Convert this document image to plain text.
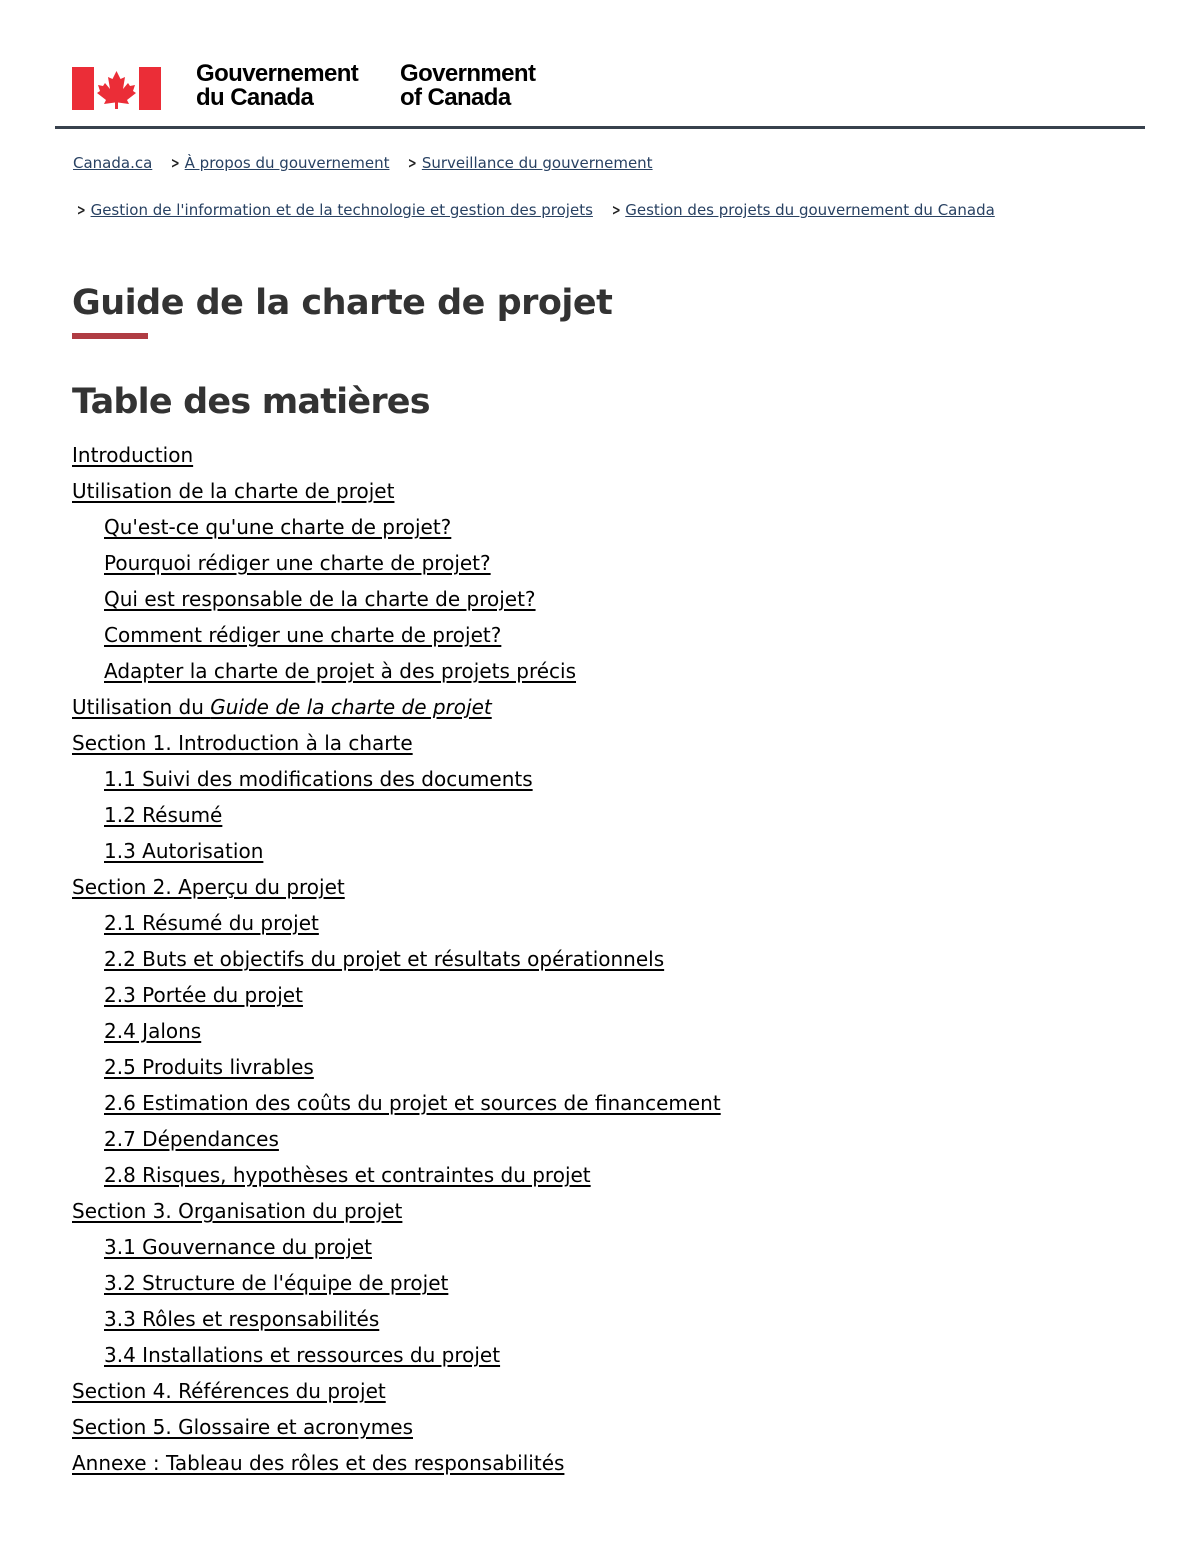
Gouvernement
du Canada
Government
of Canada
Canada.ca > À propos du gouvernement > Surveillance du gouvernement
> Gestion de l'information et de la technologie et gestion des projets > Gestion des projets du gouvernement du Canada
Guide de la charte de projet
Table des matières
Introduction
Utilisation de la charte de projet
Qu'est-ce qu'une charte de projet?
Pourquoi rédiger une charte de projet?
Qui est responsable de la charte de projet?
Comment rédiger une charte de projet?
Adapter la charte de projet à des projets précis
Utilisation du Guide de la charte de projet
Section 1. Introduction à la charte
1.1 Suivi des modifications des documents
1.2 Résumé
1.3 Autorisation
Section 2. Aperçu du projet
2.1 Résumé du projet
2.2 Buts et objectifs du projet et résultats opérationnels
2.3 Portée du projet
2.4 Jalons
2.5 Produits livrables
2.6 Estimation des coûts du projet et sources de financement
2.7 Dépendances
2.8 Risques, hypothèses et contraintes du projet
Section 3. Organisation du projet
3.1 Gouvernance du projet
3.2 Structure de l'équipe de projet
3.3 Rôles et responsabilités
3.4 Installations et ressources du projet
Section 4. Références du projet
Section 5. Glossaire et acronymes
Annexe : Tableau des rôles et des responsabilités
